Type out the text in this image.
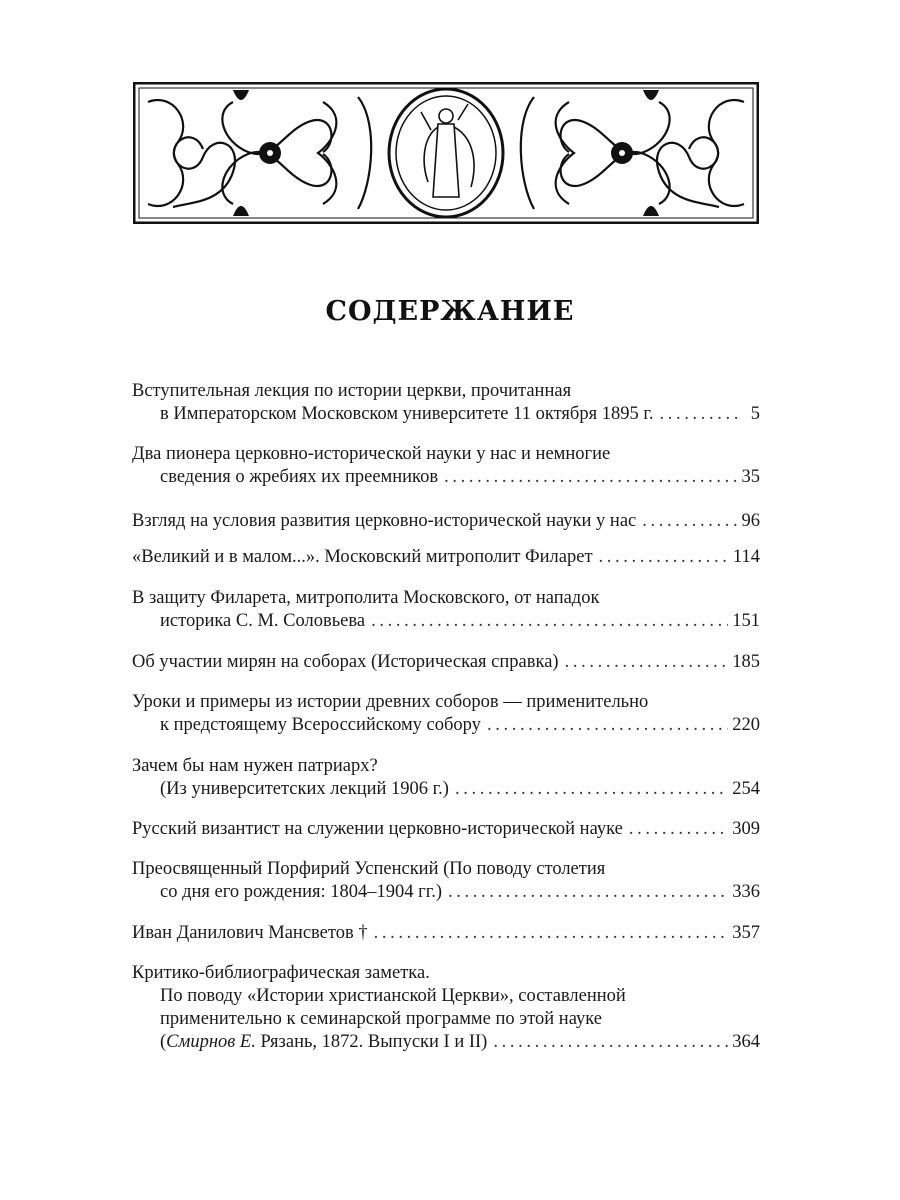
СОДЕРЖАНИЕ
Вступительная лекция по истории церкви, прочитанная
в Императорском Московском университете 11 октября 1895 г. . . .	5
Два пионера церковно-исторической науки у нас и немногие
сведения о жребиях их преемников . . .	35
Взгляд на условия развития церковно-исторической науки у нас . . .	96
«Великий и в малом...». Московский митрополит Филарет . . .	114
В защиту Филарета, митрополита Московского, от нападок
историка С. М. Соловьева . . .	151
Об участии мирян на соборах (Историческая справка) . . .	185
Уроки и примеры из истории древних соборов — применительно
к предстоящему Всероссийскому собору . . .	220
Зачем бы нам нужен патриарх?
(Из университетских лекций 1906 г.) . . .	254
Русский византист на служении церковно-исторической науке . . .	309
Преосвященный Порфирий Успенский (По поводу столетия
со дня его рождения: 1804–1904 гг.) . . .	336
Иван Данилович Мансветов † . . .	357
Критико-библиографическая заметка.
По поводу «Истории христианской Церкви», составленной
применительно к семинарской программе по этой науке
(Смирнов Е. Рязань, 1872. Выпуски I и II) . . .	364
